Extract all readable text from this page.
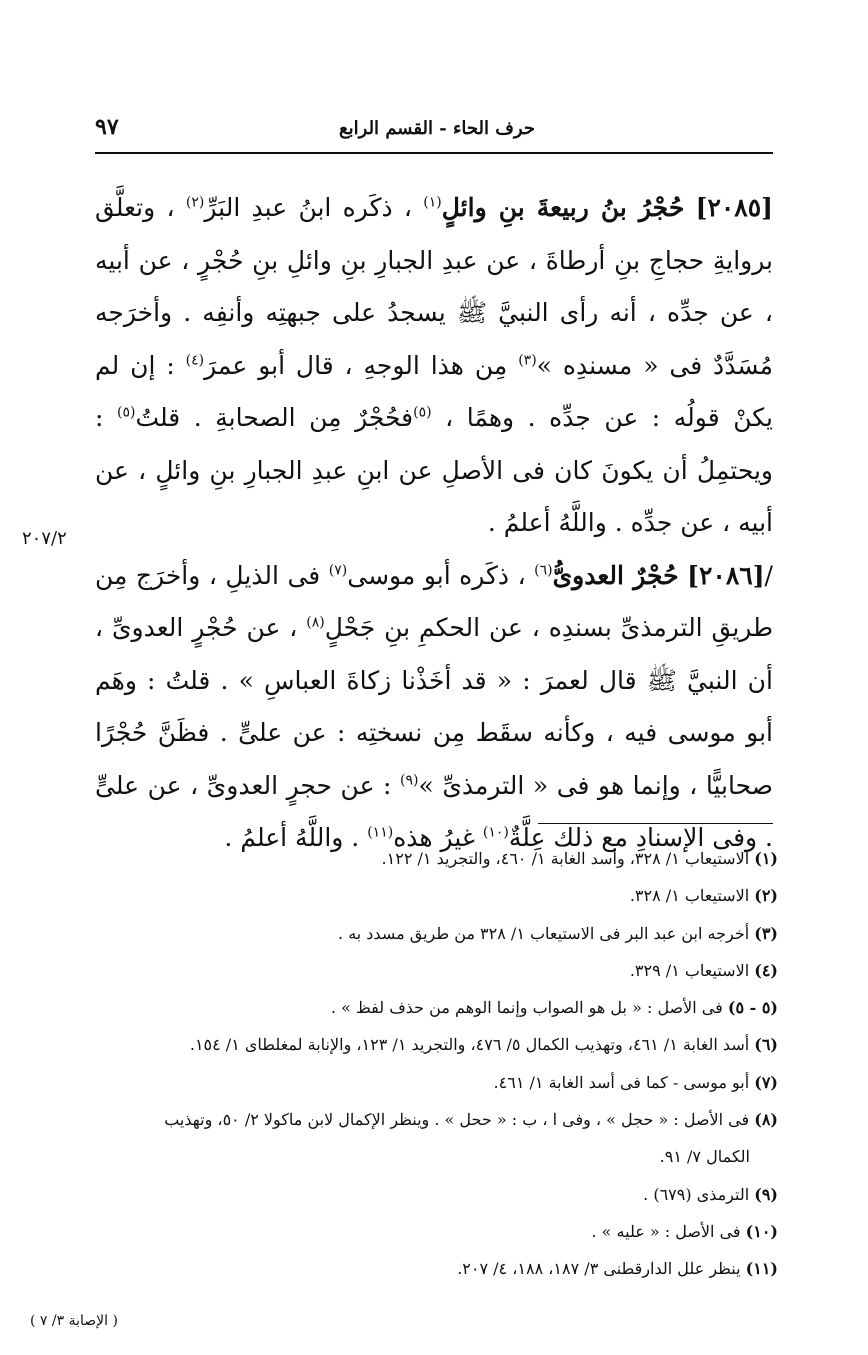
٩٧	حرف الحاء - القسم الرابع
٢٠٧/٢

[٢٠٨٥] حُجْرُ بنُ ربيعةَ بنِ وائلٍ$^{(١)}$ ، ذكَره ابنُ عبدِ البَرِّ$^{(٢)}$ ، وتعلَّق بروايةِ حجاجِ بنِ أرطاةَ ، عن عبدِ الجبارِ بنِ وائلِ بنِ حُجْرٍ ، عن أبيه ، عن جدِّه ، أنه رأى النبيَّ ﷺ يسجدُ على جبهتِه وأنفِه . وأخرَجه مُسَدَّدٌ فى « مسندِه »$^{(٣)}$ مِن هذا الوجهِ ، قال أبو عمرَ$^{(٤)}$ : إن لم يكنْ قولُه : عن جدِّه . وهمًا ، $^{(٥)}$فحُجْرٌ مِن الصحابةِ . قلتُ$^{(٥)}$ : ويحتمِلُ أن يكونَ كان فى الأصلِ عن ابنِ عبدِ الجبارِ بنِ وائلٍ ، عن أبيه ، عن جدِّه . واللَّهُ أعلمُ .

/[٢٠٨٦] حُجْرٌ العدوىُّ$^{(٦)}$ ، ذكَره أبو موسى$^{(٧)}$ فى الذيلِ ، وأخرَج مِن طريقِ الترمذىِّ بسندِه ، عن الحكمِ بنِ جَحْلٍ$^{(٨)}$ ، عن حُجْرٍ العدوىِّ ، أن النبيَّ ﷺ قال لعمرَ : « قد أخَذْنا زكاةَ العباسِ » . قلتُ : وهَم أبو موسى فيه ، وكأنه سقَط مِن نسختِه : عن علىٍّ . فظَنَّ حُجْرًا صحابيًّا ، وإنما هو فى « الترمذىِّ »$^{(٩)}$ : عن حجرٍ العدوىِّ ، عن علىٍّ . وفى الإسنادِ مع ذلك عِلَّةٌ$^{(١٠)}$ غيرُ هذه$^{(١١)}$ . واللَّهُ أعلمُ .

(١) الاستيعاب ١/ ٣٢٨، وأسد الغابة ١/ ٤٦٠، والتجريد ١/ ١٢٢.

(٢) الاستيعاب ١/ ٣٢٨.

(٣) أخرجه ابن عبد البر فى الاستيعاب ١/ ٣٢٨ من طريق مسدد به .

(٤) الاستيعاب ١/ ٣٢٩.

(٥ - ٥) فى الأصل : « بل هو الصواب وإنما الوهم من حذف لفظ » .

(٦) أسد الغابة ١/ ٤٦١، وتهذيب الكمال ٥/ ٤٧٦، والتجريد ١/ ١٢٣، والإنابة لمغلطاى ١/ ١٥٤.

(٧) أبو موسى - كما فى أسد الغابة ١/ ٤٦١.

(٨) فى الأصل : « حجل » ، وفى ا ، ب : « ححل » . وينظر الإكمال لابن ماكولا ٢/ ٥٠، وتهذيب

الكمال ٧/ ٩١.

(٩) الترمذى (٦٧٩) .

(١٠) فى الأصل : « عليه » .

(١١) ينظر علل الدارقطنى ٣/ ١٨٧، ١٨٨، ٤/ ٢٠٧.

( الإصابة ٣/ ٧ )
